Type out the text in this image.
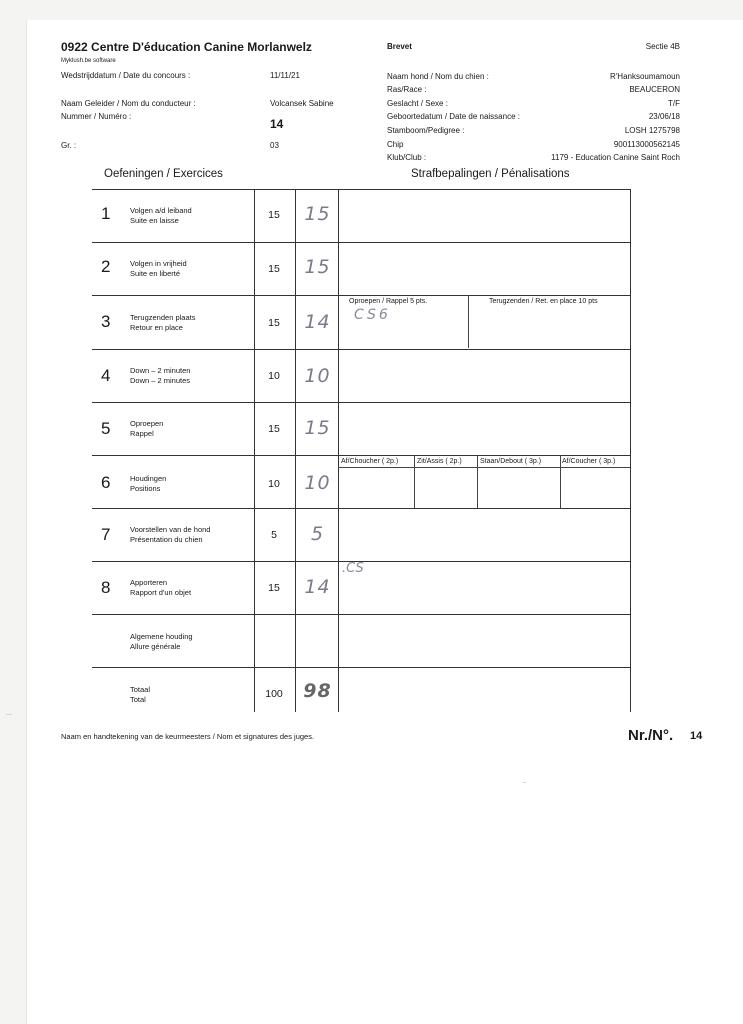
0922 Centre D'éducation Canine Morlanwelz
Myklush.be software
Brevet	Sectie 4B
Wedstrijddatum / Date du concours :	11/11/21
Naam Geleider / Nom du conducteur :	Volcansek Sabine
Nummer / Numéro :
14
Gr. :	03
Naam hond / Nom du chien :	R'Hanksoumamoun
Ras/Race :	BEAUCERON
Geslacht / Sexe :	T/F
Geboortedatum / Date de naissance :	23/06/18
Stamboom/Pedigree :	LOSH 1275798
Chip	900113000562145
Klub/Club :	1179 - Education Canine Saint Roch
Oefeningen / Exercices	Strafbepalingen / Pénalisations
1	Volgen a/d leiband
Suite en laisse	15	15
2	Volgen in vrijheid
Suite en liberté	15	15
3	Terugzenden plaats
Retour en place	15	14
Oproepen / Rappel 5 pts.	Terugzenden / Ret. en place 10 pts
CS6
4	Down – 2 minuten
Down – 2 minutes	10	10
5	Oproepen
Rappel	15	15
6	Houdingen
Positions	10	10
Af/Choucher ( 2p.)	Zit/Assis ( 2p.)	Staan/Debout ( 3p.)	Af/Coucher ( 3p.)
7	Voorstellen van de hond
Présentation du chien	5	5
8	Apporteren
Rapport d'un objet	15	14
.CS
Algemene houding
Allure générale
Totaal
Total	100	98
Naam en handtekening van de keurmeesters / Nom et signatures des juges.	Nr./N°. 14
